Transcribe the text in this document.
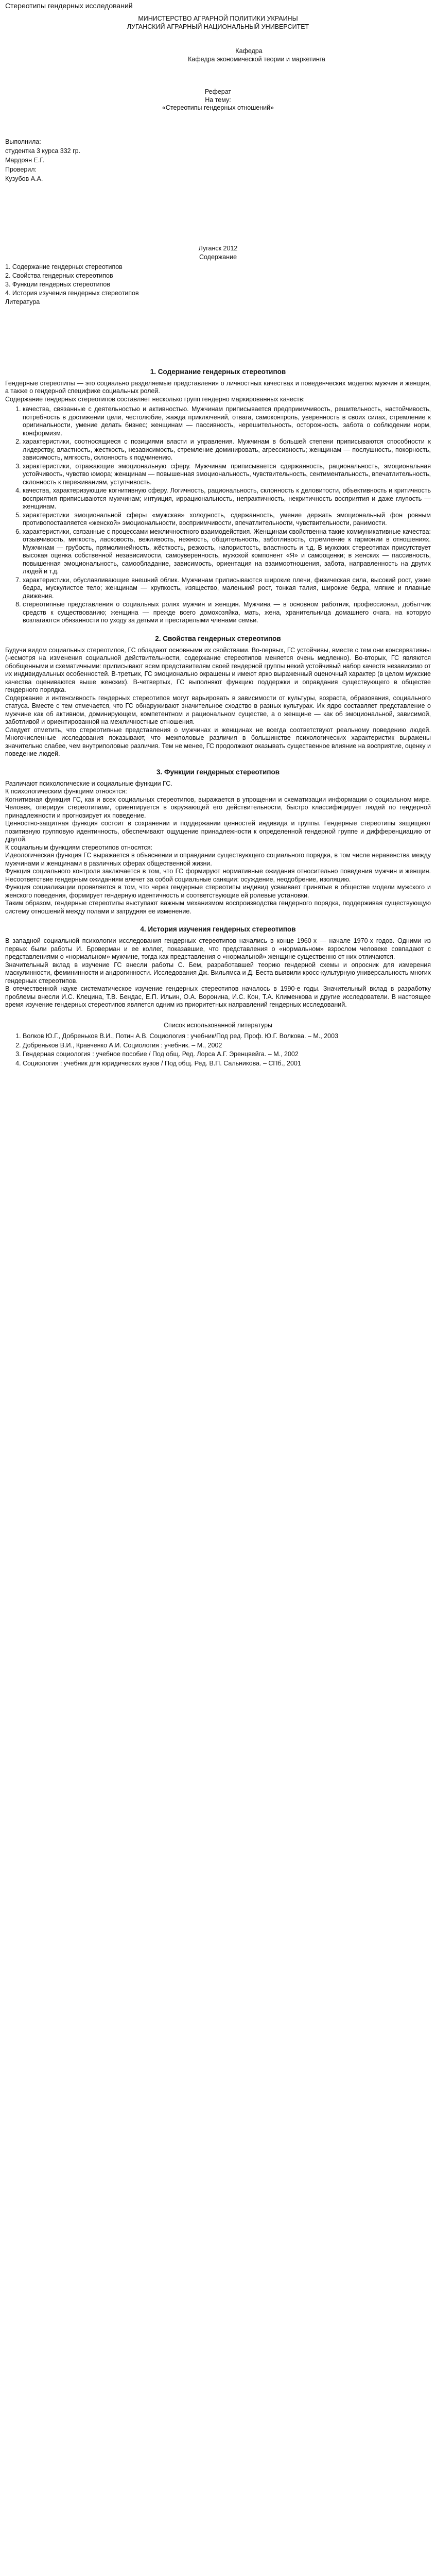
Стереотипы гендерных исследований

МИНИСТЕРСТВО АГРАРНОЙ ПОЛИТИКИ УКРАИНЫ

ЛУГАНСКИЙ АГРАРНЫЙ НАЦИОНАЛЬНЫЙ УНИВЕРСИТЕТ

Кафедра

Кафедра экономической теории и маркетинга

Реферат

На тему:

«Стереотипы гендерных отношений»

Выполнила:

студентка 3 курса 332 гр.

Мардоян Е.Г.

Проверил:

Кузубов А.А.

Луганск 2012

Содержание

1. Содержание гендерных стереотипов

2. Свойства гендерных стереотипов

3. Функции гендерных стереотипов

4. История изучения гендерных стереотипов

Литература

1. Содержание гендерных стереотипов

Гендерные стереотипы — это социально разделяемые представления о личностных качествах и поведенческих моделях мужчин и женщин, а также о гендерной специфике социальных ролей.

Содержание гендерных стереотипов составляет несколько групп гендерно маркированных качеств:

1. качества, связанные с деятельностью и активностью. Мужчинам приписывается предприимчивость, решительность, настойчивость, потребность в достижении цели, честолюбие, жажда приключений, отвага, самоконтроль, уверенность в своих силах, стремление к оригинальности, умение делать бизнес; женщинам — пассивность, нерешительность, осторожность, забота о соблюдении норм, конформизм.
2. характеристики, соотносящиеся с позициями власти и управления. Мужчинам в большей степени приписываются способности к лидерству, властность, жесткость, независимость, стремление доминировать, агрессивность; женщинам — послушность, покорность, зависимость, мягкость, склонность к подчинению.
3. характеристики, отражающие эмоциональную сферу. Мужчинам приписывается сдержанность, рациональность, эмоциональная устойчивость, чувство юмора; женщинам — повышенная эмоциональность, чувствительность, сентиментальность, впечатлительность, склонность к переживаниям, уступчивость.
4. качества, характеризующие когнитивную сферу. Логичность, рациональность, склонность к деловитости, объективность и критичность восприятия приписываются мужчинам; интуиция, иррациональность, непрактичность, некритичность восприятия и даже глупость — женщинам.
5. характеристики эмоциональной сферы «мужская» холодность, сдержанность, умение держать эмоциональный фон ровным противопоставляется «женской» эмоциональности, восприимчивости, впечатлительности, чувствительности, ранимости.
6. характеристики, связанные с процессами межличностного взаимодействия. Женщинам свойственна такие коммуникативные качества: отзывчивость, мягкость, ласковость, вежливость, нежность, общительность, заботливость, стремление к гармонии в отношениях. Мужчинам — грубость, прямолинейность, жёсткость, резкость, напористость, властность и т.д. В мужских стереотипах присутствует высокая оценка собственной независимости, самоуверенность, мужской компонент «Я» и самооценки; в женских — пассивность, повышенная эмоциональность, самообладание, зависимость, ориентация на взаимоотношения, забота, направленность на других людей и т.д.
7. характеристики, обуславливающие внешний облик. Мужчинам приписываются широкие плечи, физическая сила, высокий рост, узкие бедра, мускулистое тело; женщинам — хрупкость, изящество, маленький рост, тонкая талия, широкие бедра, мягкие и плавные движения.
8. стереотипные представления о социальных ролях мужчин и женщин. Мужчина — в основном работник, профессионал, добытчик средств к существованию; женщина — прежде всего домохозяйка, мать, жена, хранительница домашнего очага, на которую возлагаются обязанности по уходу за детьми и престарелыми членами семьи.
2. Свойства гендерных стереотипов

Будучи видом социальных стереотипов, ГС обладают основными их свойствами. Во-первых, ГС устойчивы, вместе с тем они консервативны (несмотря на изменения социальной действительности, содержание стереотипов меняется очень медленно). Во-вторых, ГС являются обобщенными и схематичными: приписывают всем представителям своей гендерной группы некий устойчивый набор качеств независимо от их индивидуальных особенностей. В-третьих, ГС эмоционально окрашены и имеют ярко выраженный оценочный характер (в целом мужские качества оцениваются выше женских). В-четвертых, ГС выполняют функцию поддержки и оправдания существующего в обществе гендерного порядка.

Содержание и интенсивность гендерных стереотипов могут варьировать в зависимости от культуры, возраста, образования, социального статуса. Вместе с тем отмечается, что ГС обнаруживают значительное сходство в разных культурах. Их ядро составляет представление о мужчине как об активном, доминирующем, компетентном и рациональном существе, а о женщине — как об эмоциональной, зависимой, заботливой и ориентированной на межличностные отношения.

Следует отметить, что стереотипные представления о мужчинах и женщинах не всегда соответствуют реальному поведению людей. Многочисленные исследования показывают, что межполовые различия в большинстве психологических характеристик выражены значительно слабее, чем внутриполовые различия. Тем не менее, ГС продолжают оказывать существенное влияние на восприятие, оценку и поведение людей.

3. Функции гендерных стереотипов

Различают психологические и социальные функции ГС.

К психологическим функциям относятся:

Когнитивная функция ГС, как и всех социальных стереотипов, выражается в упрощении и схематизации информации о социальном мире. Человек, оперируя стереотипами, ориентируется в окружающей его действительности, быстро классифицирует людей по гендерной принадлежности и прогнозирует их поведение.

Ценностно-защитная функция состоит в сохранении и поддержании ценностей индивида и группы. Гендерные стереотипы защищают позитивную групповую идентичность, обеспечивают ощущение принадлежности к определенной гендерной группе и дифференциацию от другой.

К социальным функциям стереотипов относятся:

Идеологическая функция ГС выражается в объяснении и оправдании существующего социального порядка, в том числе неравенства между мужчинами и женщинами в различных сферах общественной жизни.

Функция социального контроля заключается в том, что ГС формируют нормативные ожидания относительно поведения мужчин и женщин. Несоответствие гендерным ожиданиям влечет за собой социальные санкции: осуждение, неодобрение, изоляцию.

Функция социализации проявляется в том, что через гендерные стереотипы индивид усваивает принятые в обществе модели мужского и женского поведения, формирует гендерную идентичность и соответствующие ей ролевые установки.

Таким образом, гендерные стереотипы выступают важным механизмом воспроизводства гендерного порядка, поддерживая существующую систему отношений между полами и затрудняя ее изменение.

4. История изучения гендерных стереотипов

В западной социальной психологии исследования гендерных стереотипов начались в конце 1960-х — начале 1970-х годов. Одними из первых были работы И. Броверман и ее коллег, показавшие, что представления о «нормальном» взрослом человеке совпадают с представлениями о «нормальном» мужчине, тогда как представления о «нормальной» женщине существенно от них отличаются.

Значительный вклад в изучение ГС внесли работы С. Бем, разработавшей теорию гендерной схемы и опросник для измерения маскулинности, фемининности и андрогинности. Исследования Дж. Вильямса и Д. Беста выявили кросс-культурную универсальность многих гендерных стереотипов.

В отечественной науке систематическое изучение гендерных стереотипов началось в 1990-е годы. Значительный вклад в разработку проблемы внесли И.С. Клецина, Т.В. Бендас, Е.П. Ильин, О.А. Воронина, И.С. Кон, Т.А. Клименкова и другие исследователи. В настоящее время изучение гендерных стереотипов является одним из приоритетных направлений гендерных исследований.

Список использованной литературы

1. Волков Ю.Г., Добреньков В.И., Потин А.В. Социология : учебник/Под ред. Проф. Ю.Г. Волкова. – М., 2003
2. Добреньков В.И., Кравченко А.И. Социология : учебник. – М., 2002
3. Гендерная социология : учебное пособие / Под общ. Ред. Лорса А.Г. Эренцвейга. – М., 2002
4. Социология : учебник для юридических вузов / Под общ. Ред. В.П. Сальникова. – СПб., 2001
